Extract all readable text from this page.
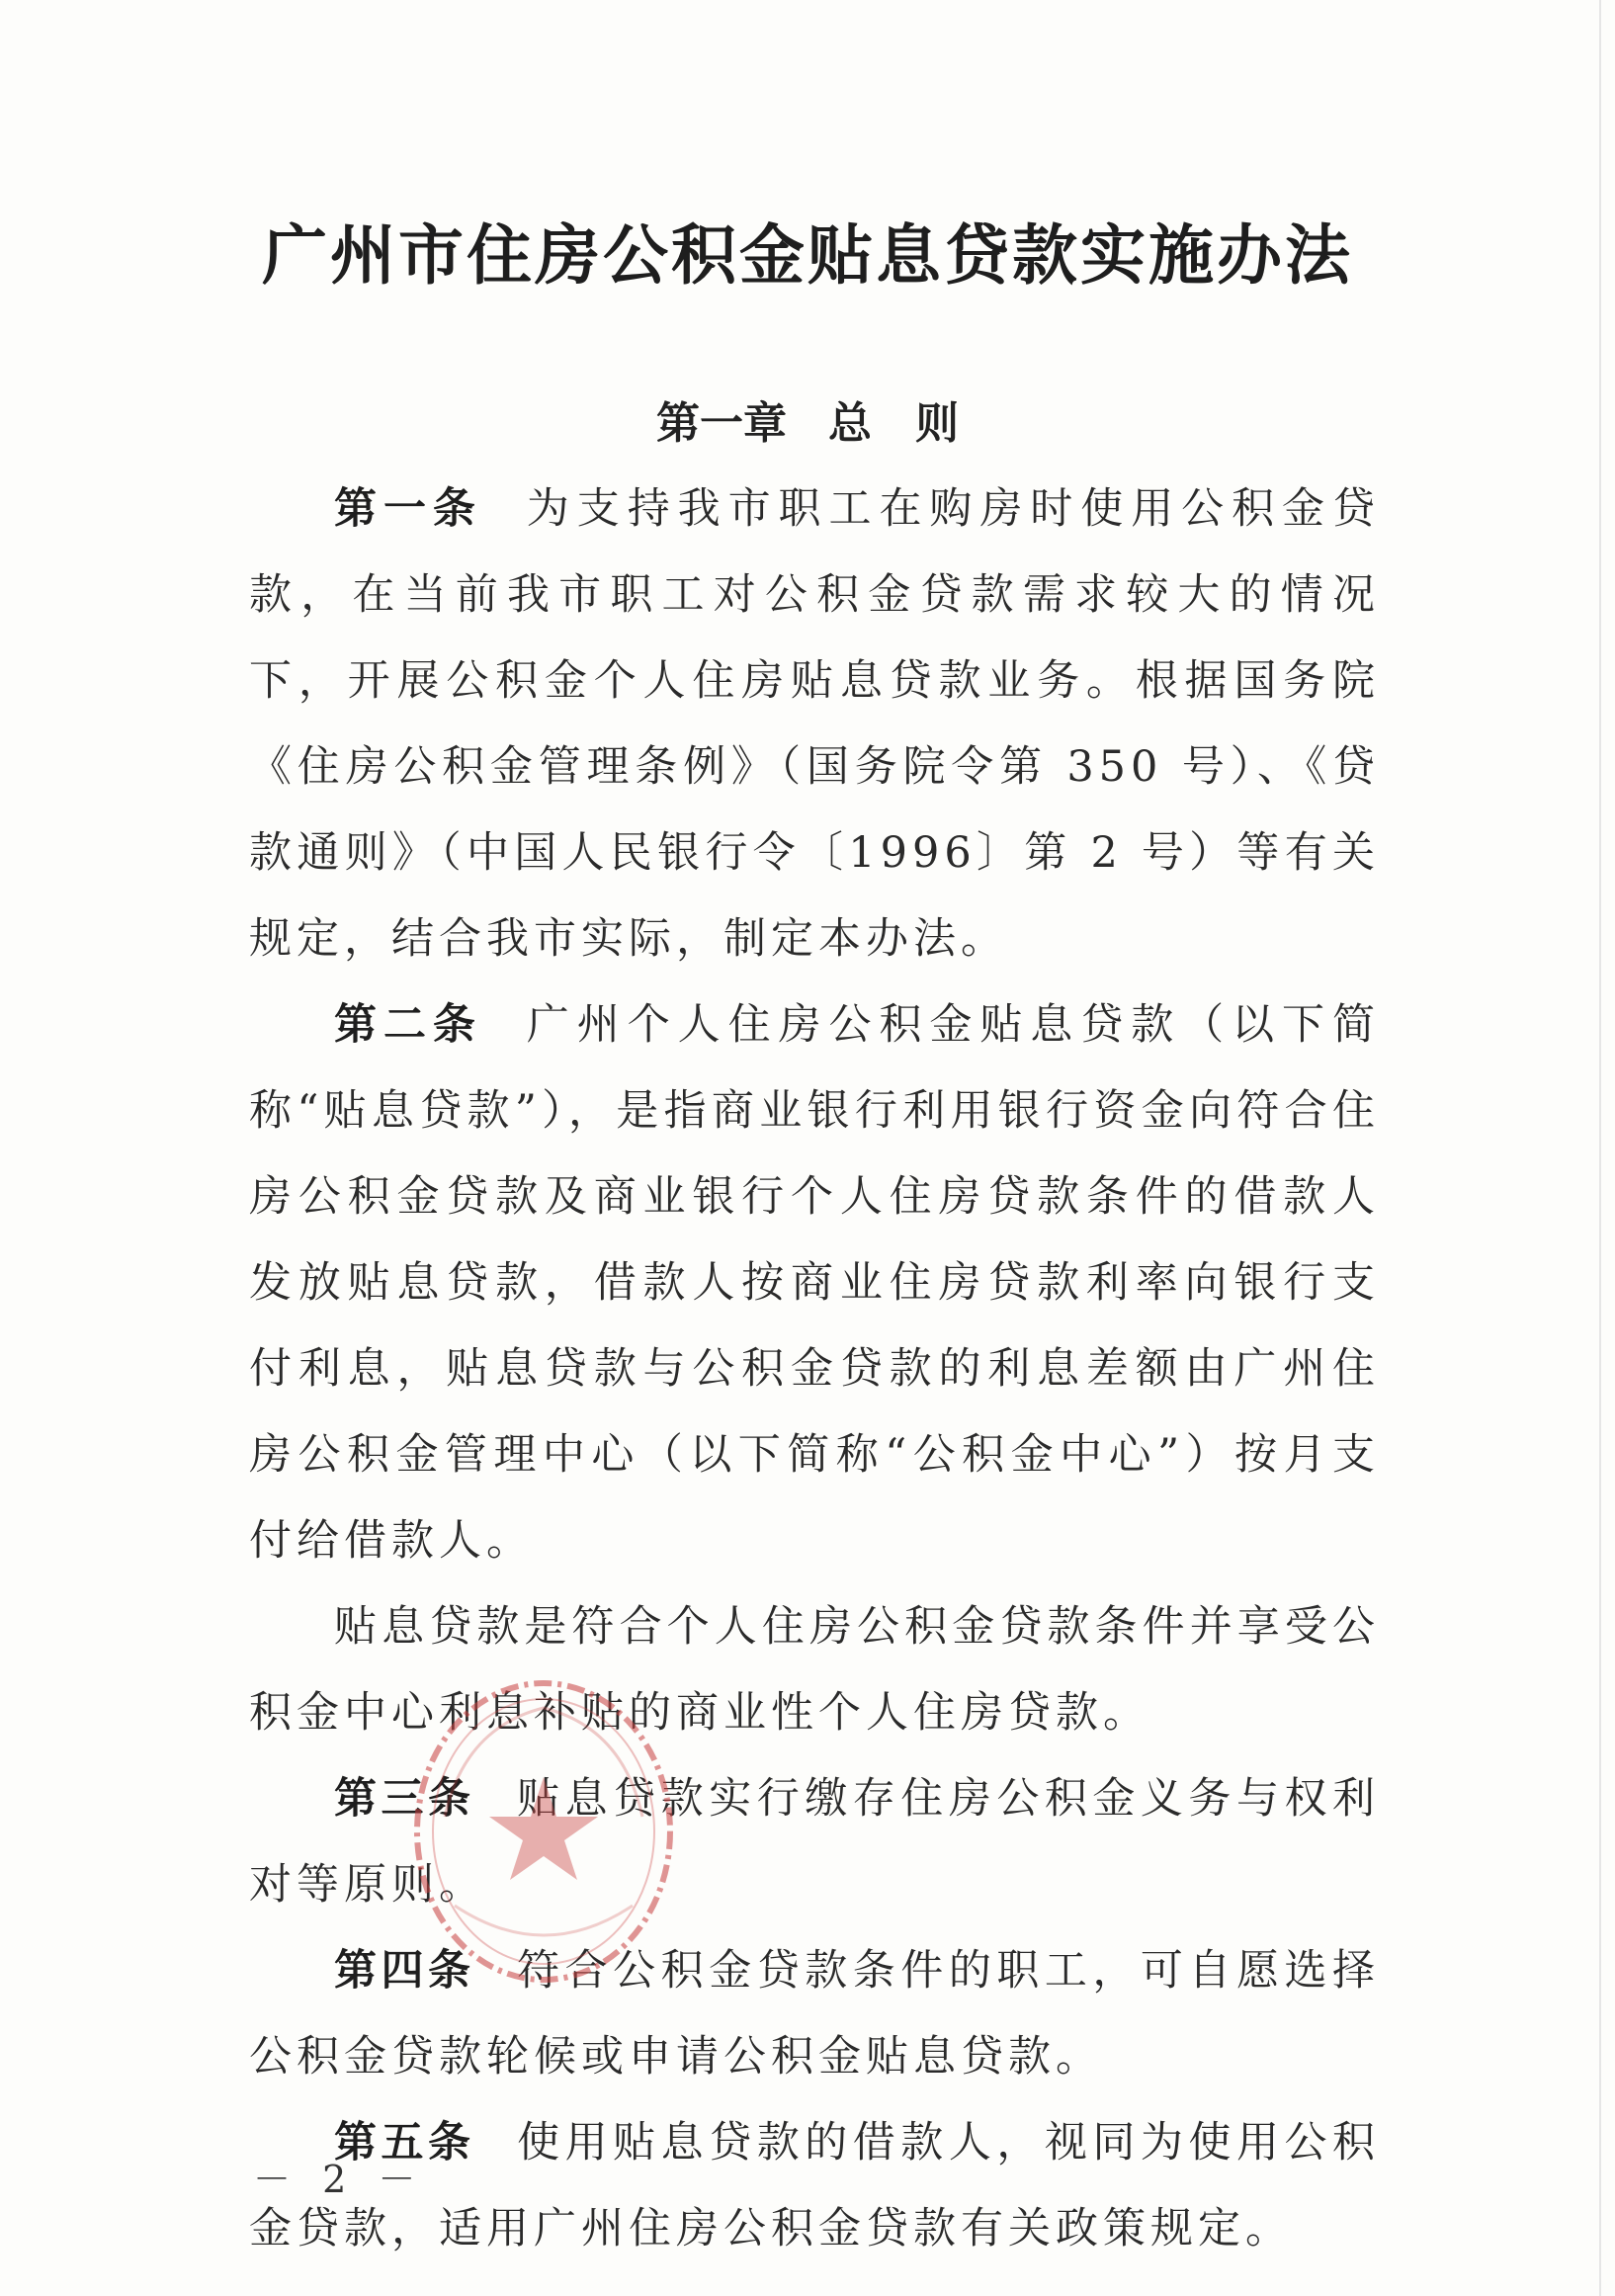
广州市住房公积金贴息贷款实施办法
第一章 总　则

第一条 为支持我市职工在购房时使用公积金贷款，在当前我市职工对公积金贷款需求较大的情况下，开展公积金个人住房贴息贷款业务。根据国务院《住房公积金管理条例》（国务院令第 350 号）、《贷款通则》（中国人民银行令〔1996〕第 2 号）等有关规定，结合我市实际，制定本办法。

第二条 广州个人住房公积金贴息贷款（以下简称“贴息贷款”），是指商业银行利用银行资金向符合住房公积金贷款及商业银行个人住房贷款条件的借款人发放贴息贷款，借款人按商业住房贷款利率向银行支付利息，贴息贷款与公积金贷款的利息差额由广州住房公积金管理中心（以下简称“公积金中心”）按月支付给借款人。

贴息贷款是符合个人住房公积金贷款条件并享受公积金中心利息补贴的商业性个人住房贷款。

第三条 贴息贷款实行缴存住房公积金义务与权利对等原则。

第四条 符合公积金贷款条件的职工，可自愿选择公积金贷款轮候或申请公积金贴息贷款。

第五条 使用贴息贷款的借款人，视同为使用公积金贷款，适用广州住房公积金贷款有关政策规定。

－ 2 －
